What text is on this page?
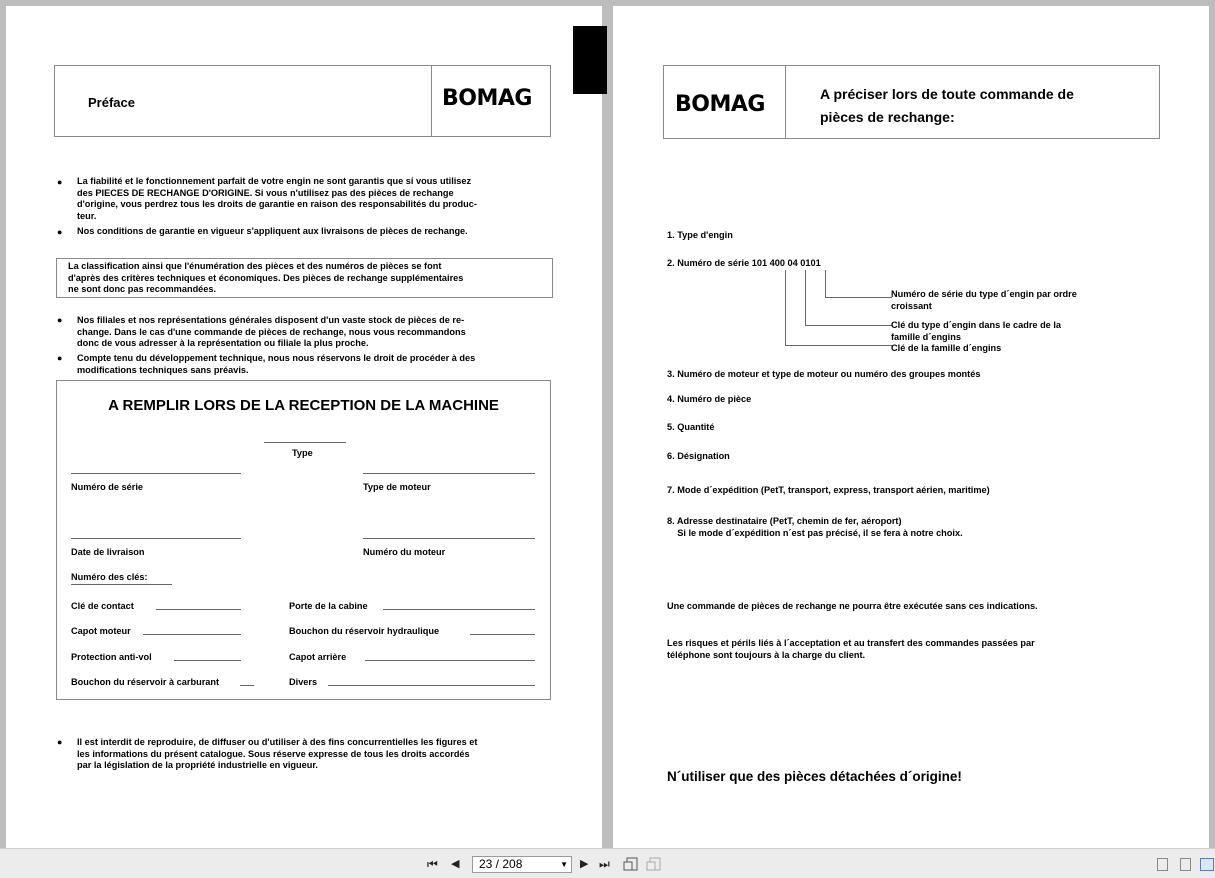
Préface	BOMAG
● La fiabilité et le fonctionnement parfait de votre engin ne sont garantis que si vous utilisez
des PIECES DE RECHANGE D'ORIGINE. Si vous n'utilisez pas des pièces de rechange
d'origine, vous perdrez tous les droits de garantie en raison des responsabilités du produc-
teur.
● Nos conditions de garantie en vigueur s'appliquent aux livraisons de pièces de rechange.
La classification ainsi que l'énumération des pièces et des numéros de pièces se font
d'après des critères techniques et économiques. Des pièces de rechange supplémentaires
ne sont donc pas recommandées.
● Nos filiales et nos représentations générales disposent d'un vaste stock de pièces de re-
change. Dans le cas d'une commande de pièces de rechange, nous vous recommandons
donc de vous adresser à la représentation ou filiale la plus proche.
● Compte tenu du développement technique, nous nous réservons le droit de procéder à des
modifications techniques sans préavis.
A REMPLIR LORS DE LA RECEPTION DE LA MACHINE
Type
Numéro de série	Type de moteur
Date de livraison	Numéro du moteur
Numéro des clés:
Clé de contact	Porte de la cabine
Capot moteur	Bouchon du réservoir hydraulique
Protection anti-vol	Capot arrière
Bouchon du réservoir à carburant	Divers
● Il est interdit de reproduire, de diffuser ou d'utiliser à des fins concurrentielles les figures et
les informations du présent catalogue. Sous réserve expresse de tous les droits accordés
par la législation de la propriété industrielle en vigueur.
BOMAG	A préciser lors de toute commande de
pièces de rechange:
1. Type d'engin
2. Numéro de série 101 400 04 0101
Numéro de série du type d´engin par ordre
croissant
Clé du type d´engin dans le cadre de la
famille d´engins
Clé de la famille d´engins
3. Numéro de moteur et type de moteur ou numéro des groupes montés
4. Numéro de pièce
5. Quantité
6. Désignation
7. Mode d´expédition (PetT, transport, express, transport aérien, maritime)
8. Adresse destinataire (PetT, chemin de fer, aéroport)
Si le mode d´expédition n´est pas précisé, il se fera à notre choix.
Une commande de pièces de rechange ne pourra être exécutée sans ces indications.
Les risques et périls liés à l´acceptation et au transfert des commandes passées par
téléphone sont toujours à la charge du client.
N´utiliser que des pièces détachées d´origine!
⏮ ◀	23 / 208	▼ ▶ ⏭
